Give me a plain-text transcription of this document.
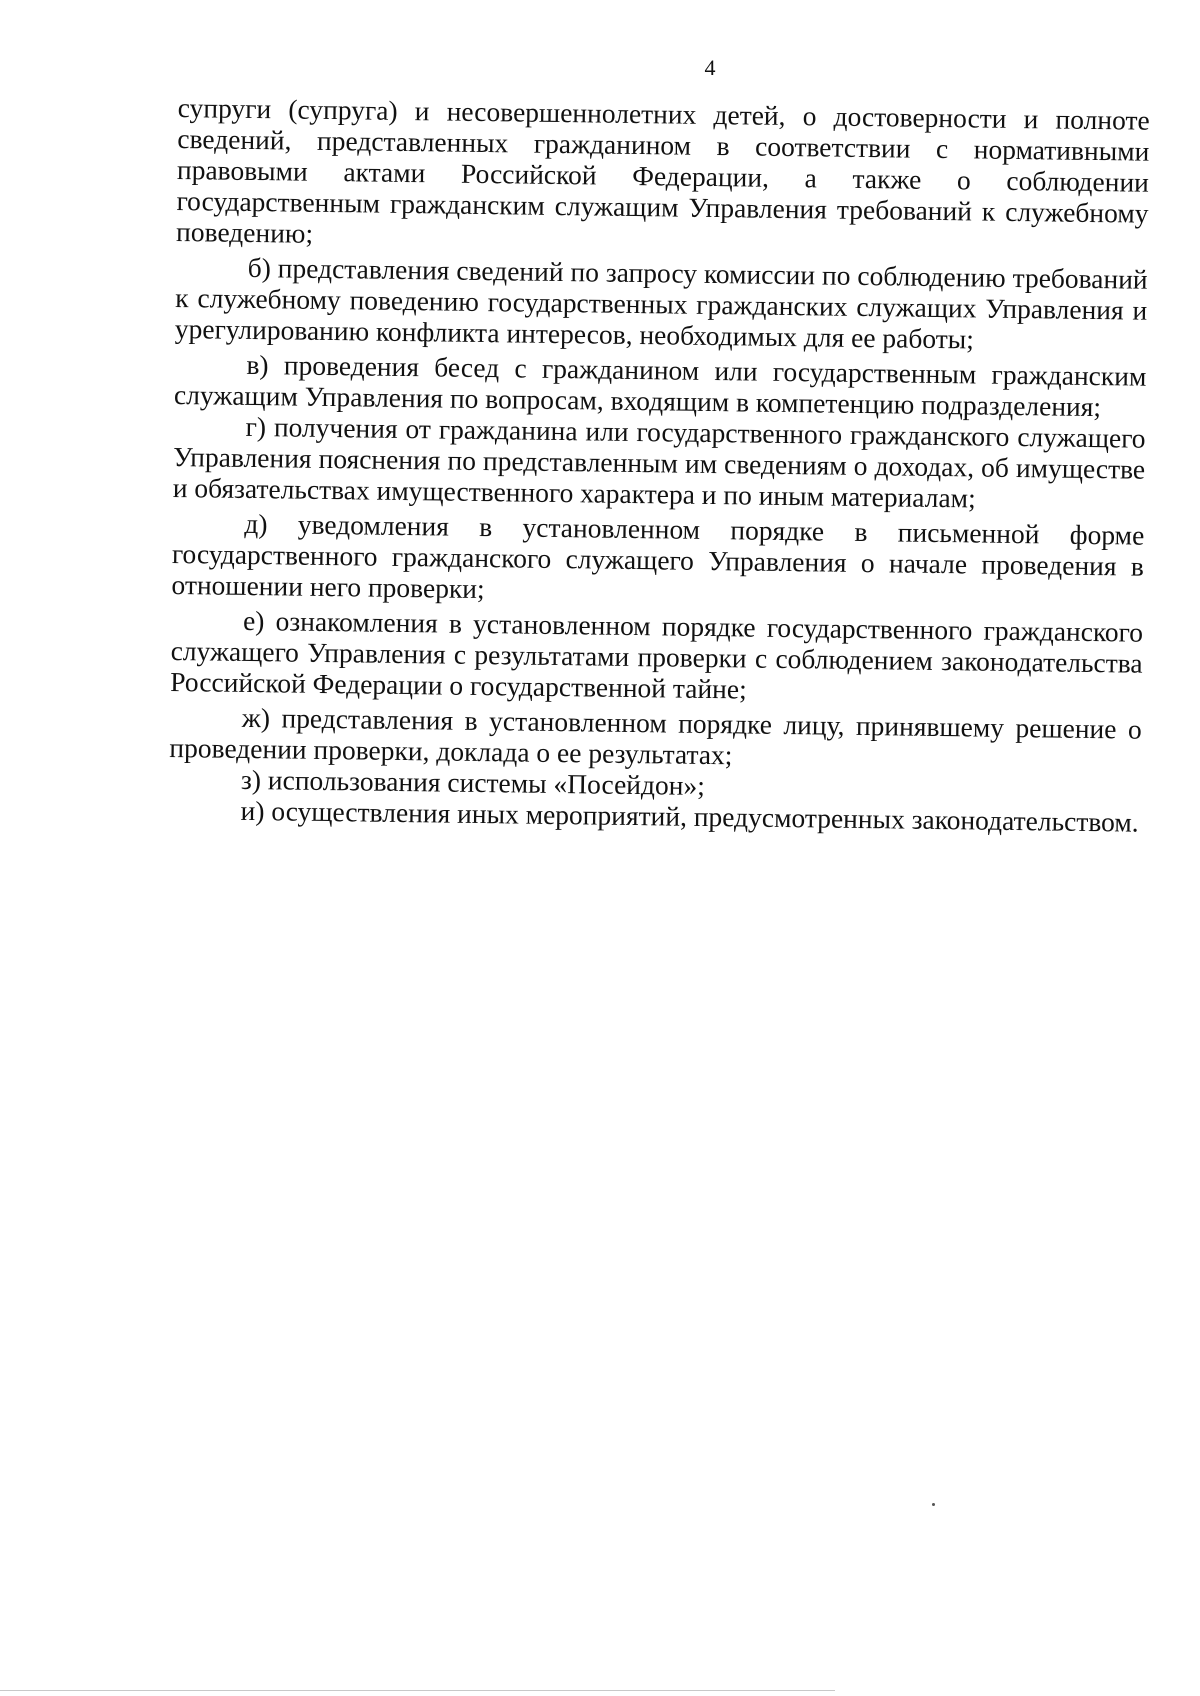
4

супруги (супруга) и несовершеннолетних детей, о достоверности и полноте сведений, представленных гражданином в соответствии с нормативными правовыми актами Российской Федерации, а также о соблюдении государственным гражданским служащим Управления требований к служебному поведению;

б) представления сведений по запросу комиссии по соблюдению требований к служебному поведению государственных гражданских служащих Управления и урегулированию конфликта интересов, необходимых для ее работы;

в) проведения бесед с гражданином или государственным гражданским служащим Управления по вопросам, входящим в компетенцию подразделения;

г) получения от гражданина или государственного гражданского служащего Управления пояснения по представленным им сведениям о доходах, об имуществе и обязательствах имущественного характера и по иным материалам;

д) уведомления в установленном порядке в письменной форме государственного гражданского служащего Управления о начале проведения в отношении него проверки;

е) ознакомления в установленном порядке государственного гражданского служащего Управления с результатами проверки с соблюдением законодательства Российской Федерации о государственной тайне;

ж) представления в установленном порядке лицу, принявшему решение о проведении проверки, доклада о ее результатах;

з) использования системы «Посейдон»;

и) осуществления иных мероприятий, предусмотренных законодательством.
